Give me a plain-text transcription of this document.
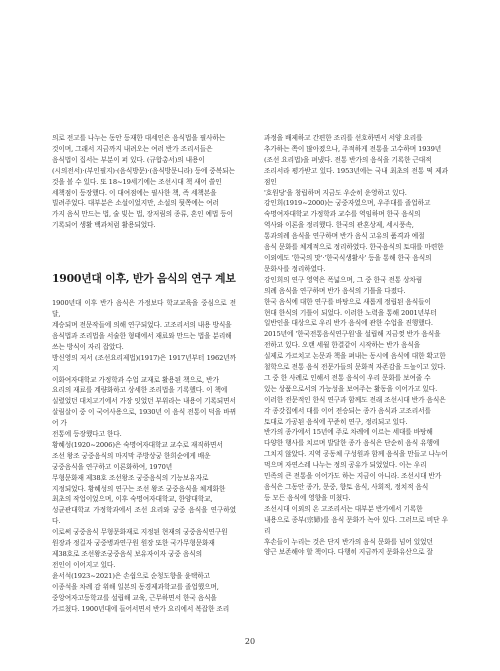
의로 전고를 나누는 동안 등재한 대세인은 음식법을 필사하는
것이며, 그래서 지금까지 내려오는 여러 반가 조리서들은
음식법이 집서는 부분이 퍼 있다. (규합총서)의 내용이
(시의전서)·(부인필지)·(음식방문)·(음식방문니라) 등에 중복되는
것을 볼 수 있다. 또 18~19세기에는 조선시대 책 새어 쓸인
세책점이 등장했다. 이 대여점에는 필사한 책, 즉 세책본을
빌려주었다. 대부분은 소설이었지만, 소설의 뒷쪽에는 여러
가지 음식 만드는 법, 술 빚는 법, 장저림의 종류, 혼인 예법 등이
기록되어 생활 백과처럼 활용되었다.

1900년대 이후, 반가 음식의 연구 계보

1900년대 이후 반가 음식은 가정보다 학교교육을 중심으로 전달,
계승되며 전문작들에 의해 연구되었다. 고조리서의 내용 방식을
음식법과 조리법을 서술한 형태에서 재료와 만드는 법을 분리해
쓰는 방식이 자리 잡았다.
방신영의 저서 (조선요리제법)(1917)은 1917년부터 1962년까지
이화여자대학교 가정학과 수업 교재로 활용된 책으로, 반가
요리의 재료를 계량화하고 상세한 조리법을 기록했다. 이 책에
실렸었던 대치고기에서 가장 잇었던 부위라는 내용이 기록되면서
살림살이 중 이 국어사용으로, 1930년 이 음식 전통이 덕을 바뀌어 가
전통에 등장했다고 한다.
황혜성(1920~2006)은 숙명여자대학교 교수로 재직하면서
조선 왕조 궁중음식의 마지막 주방상궁 한희순에게 배운
궁중음식을 연구하고 이론화하여, 1970년
무형문화재 제38호 조선왕조 궁중음식의 기능보유자로
지정되었다. 황혜성의 연구는 조선 왕조 궁중음식을 체계화한
최초의 작업이었으며, 이후 숙명여자대학교, 한양대학교,
성균관대학교 가정학과에서 조선 요리와 궁중 음식을 연구하였다.
이로써 궁중음식 무형문화재로 지정된 현재의 궁중음식연구원
원장과 정길자 궁중병과연구원 원장 또한 국가무형문화재
제38호로 조선왕조궁중음식 보유자이자 궁중 음식의
전인이 이어지고 있다.
윤서석(1923~2021)은 손쉽으로 순청도향을 윤택하고
이종석을 차례 감 위해 일본의 동경제과학교를 졸업했으며,
중앙여자고등학교를 설립해 교육, 근무하면서 한국 음식을
가르쳤다. 1900년대에 들어서면서 반가 요리에서 복잡한 조리

과정을 배제하고 간편한 조리를 선호하면서 서양 요리를
추가하는 쪽이 많아졌으나, 주적하게 전통을 고수하며 1939년
(조선 요리법)을 펴냈다. 전통 반가의 음식을 기록한 근대적
조리서라 평가받고 있다. 1953년에는 국내 최초의 전통 떡 제과점인
'호원당'을 창립하며 지금도 우순히 운영하고 있다.
강인희(1919~2000)는 궁중자였으며, 우주대를 졸업하고
숙명여자대학교 가정학과 교수를 역임하며 한국 음식의
역사와 이론을 정리했다. 한국의 관혼상제, 세시풍속,
통과의례 음식을 연구하며 반가 음식 고유의 품격과 예절
음식 문화를 체계적으로 정리하였다. 한국음식의 토대를 마련한
이외에도 '한국의 맛'·'한국식생활사' 등을 통해 한국 음식의
문화사를 정리하였다.
강인희의 연구 영역은 폭넓으며, 그 중 한국 전통 상차림
의례 음식을 연구하며 반가 음식의 기틀을 다졌다.
한국 음식에 대한 연구를 바탕으로 새롭게 정립된 음식들이
현대 한식의 기틀이 되었다. 이러한 노력을 통해 2001년부터
일반인을 대상으로 우리 반가 음식에 관한 수업을 진행했다.
2015년에 '한국전통음식연구원'을 설립해 지금껏 반가 음식을
전하고 있다. 오랜 세월 한결같이 시작하는 반가 음식을
실제로 가르치고 논문과 책을 펴내는 동시에 음식에 대한 확고한
철학으로 전통 음식 전문가들의 문화적 자존감을 드높이고 있다.
그 중 한 사례로 인해서 전통 음식이 우리 문화를 보여줄 수
있는 상품으로서의 가능성을 보여주는 활동을 이어가고 있다.
이러한 전문적인 한식 연구과 함께도 전래 조선시대 반가 음식은
각 종갓집에서 대를 이어 전승되는 종가 음식과 고조리서를
토대로 가공된 음식에 꾸준히 연구, 정리되고 있다.
반가의 종가에서 15년에 주로 차례에 이르는 세대를 바탕해
다양한 행사를 치르며 발달한 종가 음식은 단순히 음식 유행에
그치지 않았다. 지역 공동체 구성원과 함께 음식을 만들고 나누어
먹으며 자연스레 나누는 정의 공유가 되었었다. 이는 우리
민족의 큰 전통을 이어가도 하는 지금이 아니라. 조선시대 반가
음식은 그동안 종가, 문중, 향토 음식, 사회적, 정치적 음식
등 모든 음식에 영향을 미쳤다.
조선시대 이외의 온 고조리서는 대부분 반가에서 기록한
내용으로 종부(宗婦)를 음식 문화가 녹아 있다. 그러므로 비단 우리
후손들이 누리는 것은 단지 반가의 음식 문화를 넘어 있었던
양근 보존해야 할 책이다. 다행히 지금까지 문화유산으로 잘

20
